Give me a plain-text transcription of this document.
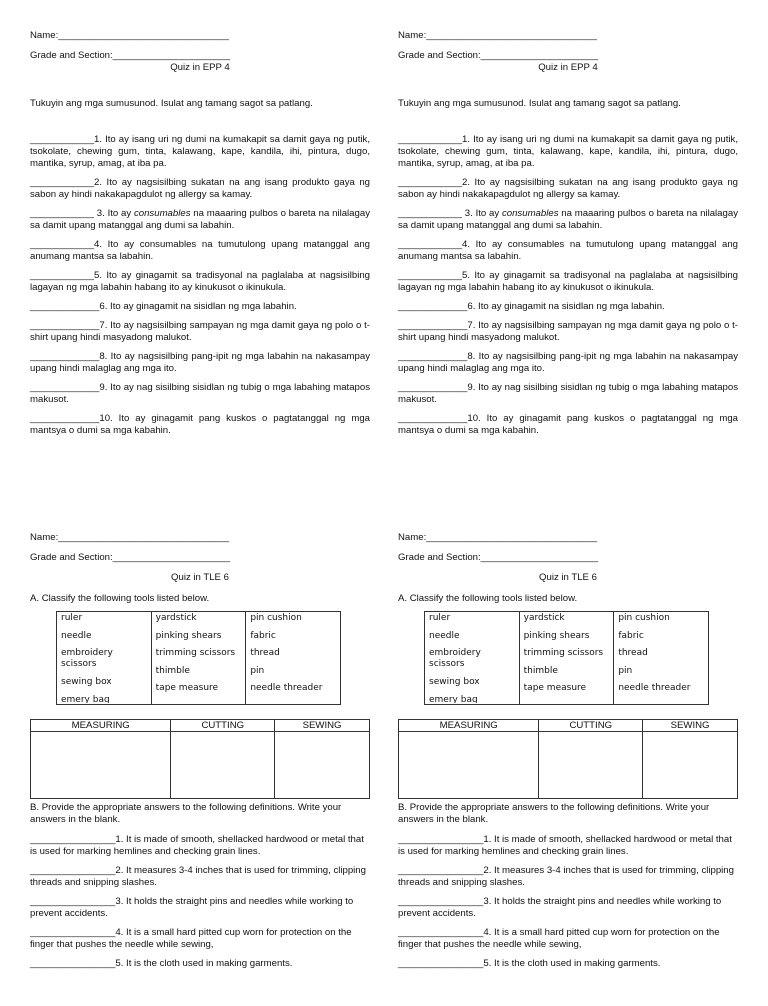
Name:________________________________
Grade and Section:______________________
Quiz in EPP 4
Tukuyin ang mga sumusunod. Isulat ang tamang sagot sa patlang.
____________1. Ito ay isang uri ng dumi na kumakapit sa damit gaya ng putik, tsokolate, chewing gum, tinta, kalawang, kape, kandila, ihi, pintura, dugo, mantika, syrup, amag, at iba pa.
____________2. Ito ay nagsisilbing sukatan na ang isang produkto gaya ng sabon ay hindi nakakapagdulot ng allergy sa kamay.
____________ 3. Ito ay consumables na maaaring pulbos o bareta na nilalagay sa damit upang matanggal ang dumi sa labahin.
____________4. Ito ay consumables na tumutulong upang matanggal ang anumang mantsa sa labahin.
____________5. Ito ay ginagamit sa tradisyonal na paglalaba at nagsisilbing lagayan ng mga labahin habang ito ay kinukusot o ikinukula.
_____________6. Ito ay ginagamit na sisidlan ng mga labahin.
_____________7. Ito ay nagsisilbing sampayan ng mga damit gaya ng polo o t-shirt upang hindi masyadong malukot.
_____________8. Ito ay nagsisilbing pang-ipit ng mga labahin na nakasampay upang hindi malaglag ang mga ito.
_____________9. Ito ay nag sisilbing sisidlan ng tubig o mga labahing matapos makusot.
_____________10. Ito ay ginagamit pang kuskos o pagtatanggal ng mga mantsya o dumi sa mga kabahin.
Name:________________________________
Grade and Section:______________________
Quiz in EPP 4
Tukuyin ang mga sumusunod. Isulat ang tamang sagot sa patlang.
____________1. Ito ay isang uri ng dumi na kumakapit sa damit gaya ng putik, tsokolate, chewing gum, tinta, kalawang, kape, kandila, ihi, pintura, dugo, mantika, syrup, amag, at iba pa.
____________2. Ito ay nagsisilbing sukatan na ang isang produkto gaya ng sabon ay hindi nakakapagdulot ng allergy sa kamay.
____________ 3. Ito ay consumables na maaaring pulbos o bareta na nilalagay sa damit upang matanggal ang dumi sa labahin.
____________4. Ito ay consumables na tumutulong upang matanggal ang anumang mantsa sa labahin.
____________5. Ito ay ginagamit sa tradisyonal na paglalaba at nagsisilbing lagayan ng mga labahin habang ito ay kinukusot o ikinukula.
_____________6. Ito ay ginagamit na sisidlan ng mga labahin.
_____________7. Ito ay nagsisilbing sampayan ng mga damit gaya ng polo o t-shirt upang hindi masyadong malukot.
_____________8. Ito ay nagsisilbing pang-ipit ng mga labahin na nakasampay upang hindi malaglag ang mga ito.
_____________9. Ito ay nag sisilbing sisidlan ng tubig o mga labahing matapos makusot.
_____________10. Ito ay ginagamit pang kuskos o pagtatanggal ng mga mantsya o dumi sa mga kabahin.
Name:________________________________
Grade and Section:______________________
Quiz in TLE 6
A. Classify the following tools listed below.
ruler
needle
embroidery scissors
sewing box
emery bag

yardstick
pinking shears
trimming scissors
thimble
tape measure

pin cushion
fabric
thread
pin
needle threader
MEASURING	CUTTING	SEWING

B. Provide the appropriate answers to the following definitions. Write your answers in the blank.
________________1. It is made of smooth, shellacked hardwood or metal that is used for marking hemlines and checking grain lines.
________________2. It measures 3-4 inches that is used for trimming, clipping threads and snipping slashes.
________________3. It holds the straight pins and needles while working to prevent accidents.
________________4. It is a small hard pitted cup worn for protection on the finger that pushes the needle while sewing,
________________5. It is the cloth used in making garments.
Name:________________________________
Grade and Section:______________________
Quiz in TLE 6
A. Classify the following tools listed below.
ruler
needle
embroidery scissors
sewing box
emery bag

yardstick
pinking shears
trimming scissors
thimble
tape measure

pin cushion
fabric
thread
pin
needle threader
MEASURING	CUTTING	SEWING

B. Provide the appropriate answers to the following definitions. Write your answers in the blank.
________________1. It is made of smooth, shellacked hardwood or metal that is used for marking hemlines and checking grain lines.
________________2. It measures 3-4 inches that is used for trimming, clipping threads and snipping slashes.
________________3. It holds the straight pins and needles while working to prevent accidents.
________________4. It is a small hard pitted cup worn for protection on the finger that pushes the needle while sewing,
________________5. It is the cloth used in making garments.
